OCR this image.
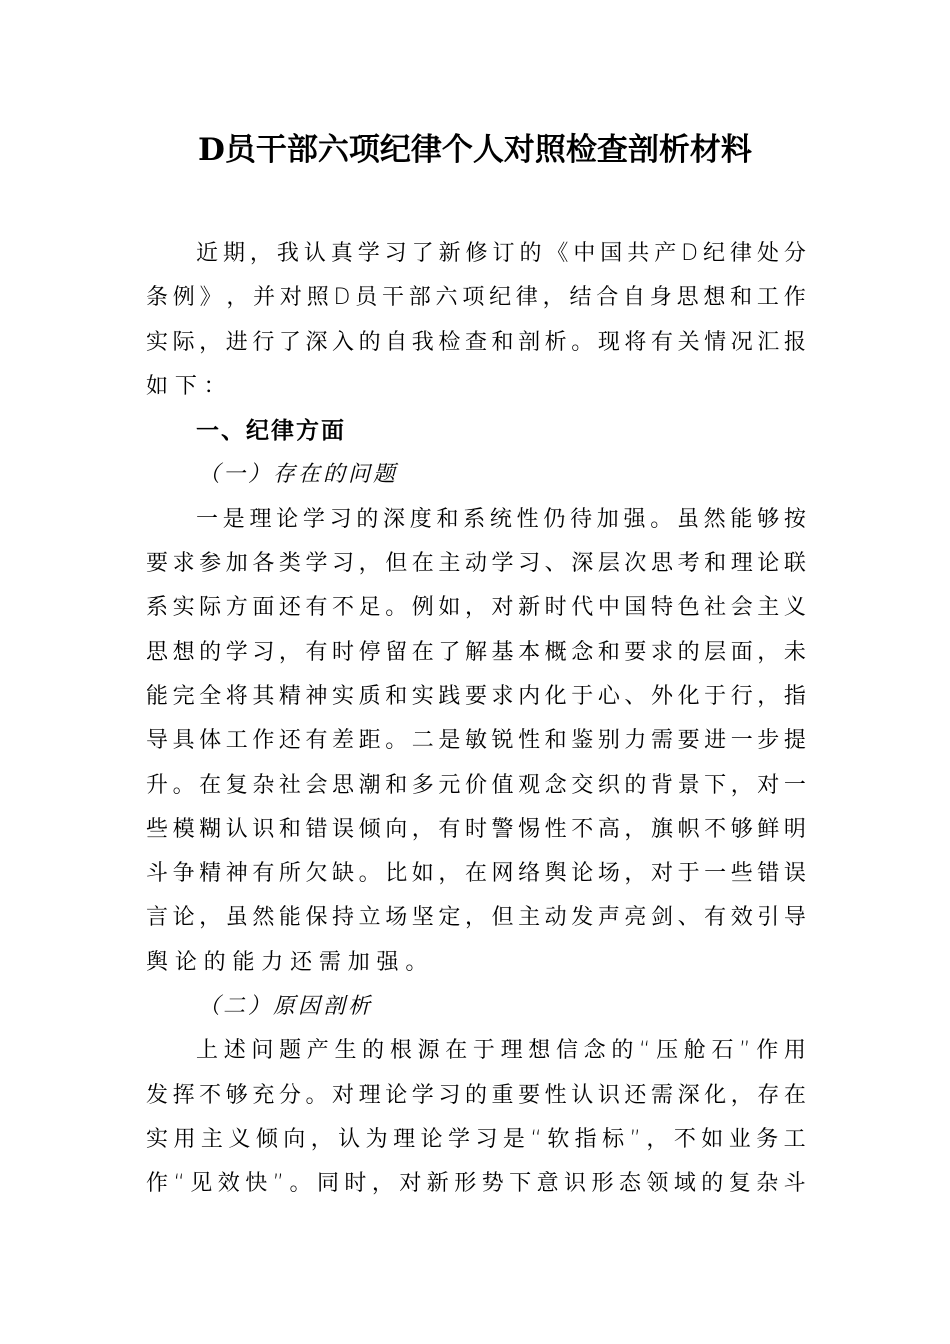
D员干部六项纪律个人对照检查剖析材料
近 期 ， 我 认 真 学 习 了 新 修 订 的 《 中 国 共 产 D 纪 律 处 分
条 例 》 ， 并 对 照 D 员 干 部 六 项 纪 律 ， 结 合 自 身 思 想 和 工 作
实 际 ， 进 行 了 深 入 的 自 我 检 查 和 剖 析 。 现 将 有 关 情 况 汇 报
如 下 ：
一、纪律方面
（一）存在的问题
一 是 理 论 学 习 的 深 度 和 系 统 性 仍 待 加 强 。 虽 然 能 够 按
要 求 参 加 各 类 学 习 ， 但 在 主 动 学 习 、 深 层 次 思 考 和 理 论 联
系 实 际 方 面 还 有 不 足 。 例 如 ， 对 新 时 代 中 国 特 色 社 会 主 义
思 想 的 学 习 ， 有 时 停 留 在 了 解 基 本 概 念 和 要 求 的 层 面 ， 未
能 完 全 将 其 精 神 实 质 和 实 践 要 求 内 化 于 心 、 外 化 于 行 ， 指
导 具 体 工 作 还 有 差 距 。 二 是 敏 锐 性 和 鉴 别 力 需 要 进 一 步 提
升 。 在 复 杂 社 会 思 潮 和 多 元 价 值 观 念 交 织 的 背 景 下 ， 对 一
些 模 糊 认 识 和 错 误 倾 向 ， 有 时 警 惕 性 不 高 ， 旗 帜 不 够 鲜 明
斗 争 精 神 有 所 欠 缺 。 比 如 ， 在 网 络 舆 论 场 ， 对 于 一 些 错 误
言 论 ， 虽 然 能 保 持 立 场 坚 定 ， 但 主 动 发 声 亮 剑 、 有 效 引 导
舆 论 的 能 力 还 需 加 强 。
（二）原因剖析
上 述 问 题 产 生 的 根 源 在 于 理 想 信 念 的 “ 压 舱 石 ” 作 用
发 挥 不 够 充 分 。 对 理 论 学 习 的 重 要 性 认 识 还 需 深 化 ， 存 在
实 用 主 义 倾 向 ， 认 为 理 论 学 习 是 “ 软 指 标 ” ， 不 如 业 务 工
作 “ 见 效 快 ” 。 同 时 ， 对 新 形 势 下 意 识 形 态 领 域 的 复 杂 斗
